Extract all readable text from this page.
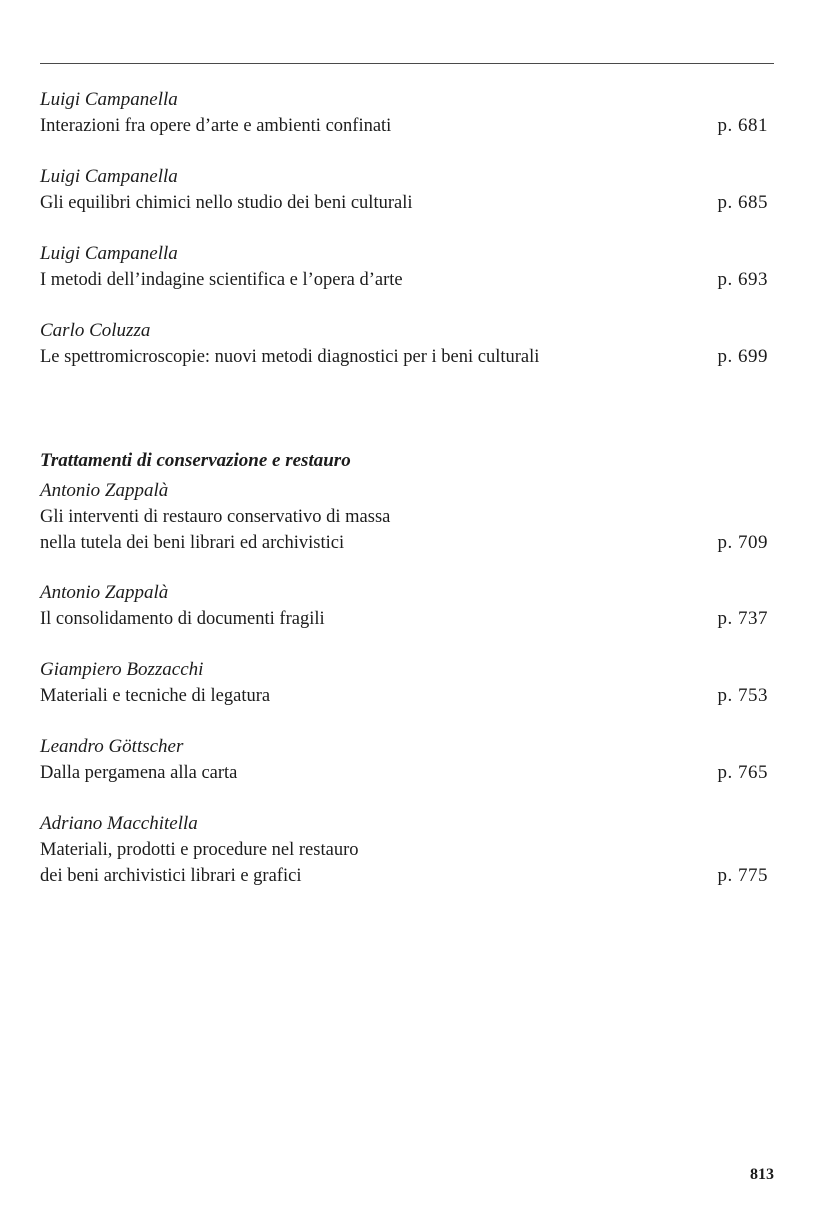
Luigi Campanella
Interazioni fra opere d’arte e ambienti confinati	p. 681
Luigi Campanella
Gli equilibri chimici nello studio dei beni culturali	p. 685
Luigi Campanella
I metodi dell’indagine scientifica e l’opera d’arte	p. 693
Carlo Coluzza
Le spettromicroscopie: nuovi metodi diagnostici per i beni culturali	p. 699
Trattamenti di conservazione e restauro
Antonio Zappalà
Gli interventi di restauro conservativo di massa
nella tutela dei beni librari ed archivistici	p. 709
Antonio Zappalà
Il consolidamento di documenti fragili	p. 737
Giampiero Bozzacchi
Materiali e tecniche di legatura	p. 753
Leandro Göttscher
Dalla pergamena alla carta	p. 765
Adriano Macchitella
Materiali, prodotti e procedure nel restauro
dei beni archivistici librari e grafici	p. 775
813
